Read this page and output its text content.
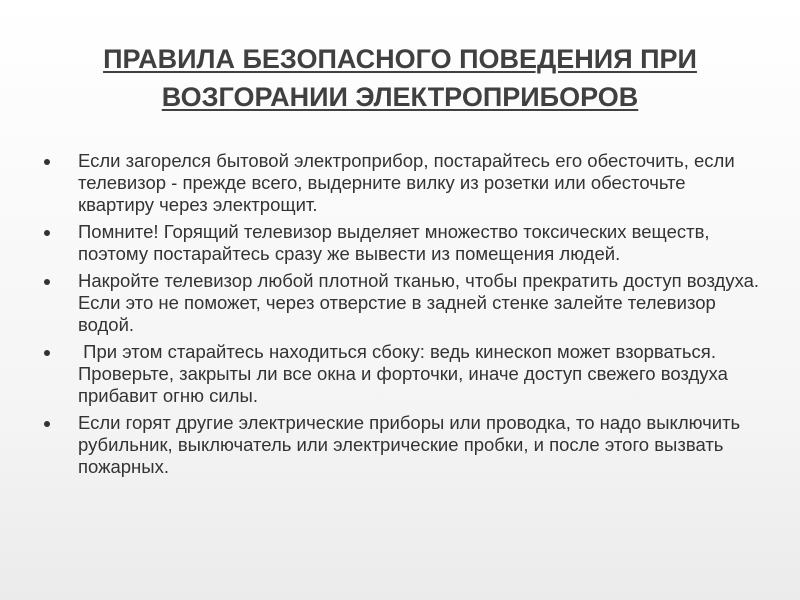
ПРАВИЛА БЕЗОПАСНОГО ПОВЕДЕНИЯ ПРИ
ВОЗГОРАНИИ ЭЛЕКТРОПРИБОРОВ
Если загорелся бытовой электроприбор, постарайтесь его обесточить, если телевизор - прежде всего, выдерните вилку из розетки или обесточьте квартиру через электрощит.
Помните! Горящий телевизор выделяет множество токсических веществ, поэтому постарайтесь сразу же вывести из помещения людей.
Накройте телевизор любой плотной тканью, чтобы прекратить доступ воздуха. Если это не поможет, через отверстие в задней стенке залейте телевизор водой.
При этом старайтесь находиться сбоку: ведь кинескоп может взорваться. Проверьте, закрыты ли все окна и форточки, иначе доступ свежего воздуха прибавит огню силы.
Если горят другие электрические приборы или проводка, то надо выключить рубильник, выключатель или электрические пробки, и после этого вызвать пожарных.
